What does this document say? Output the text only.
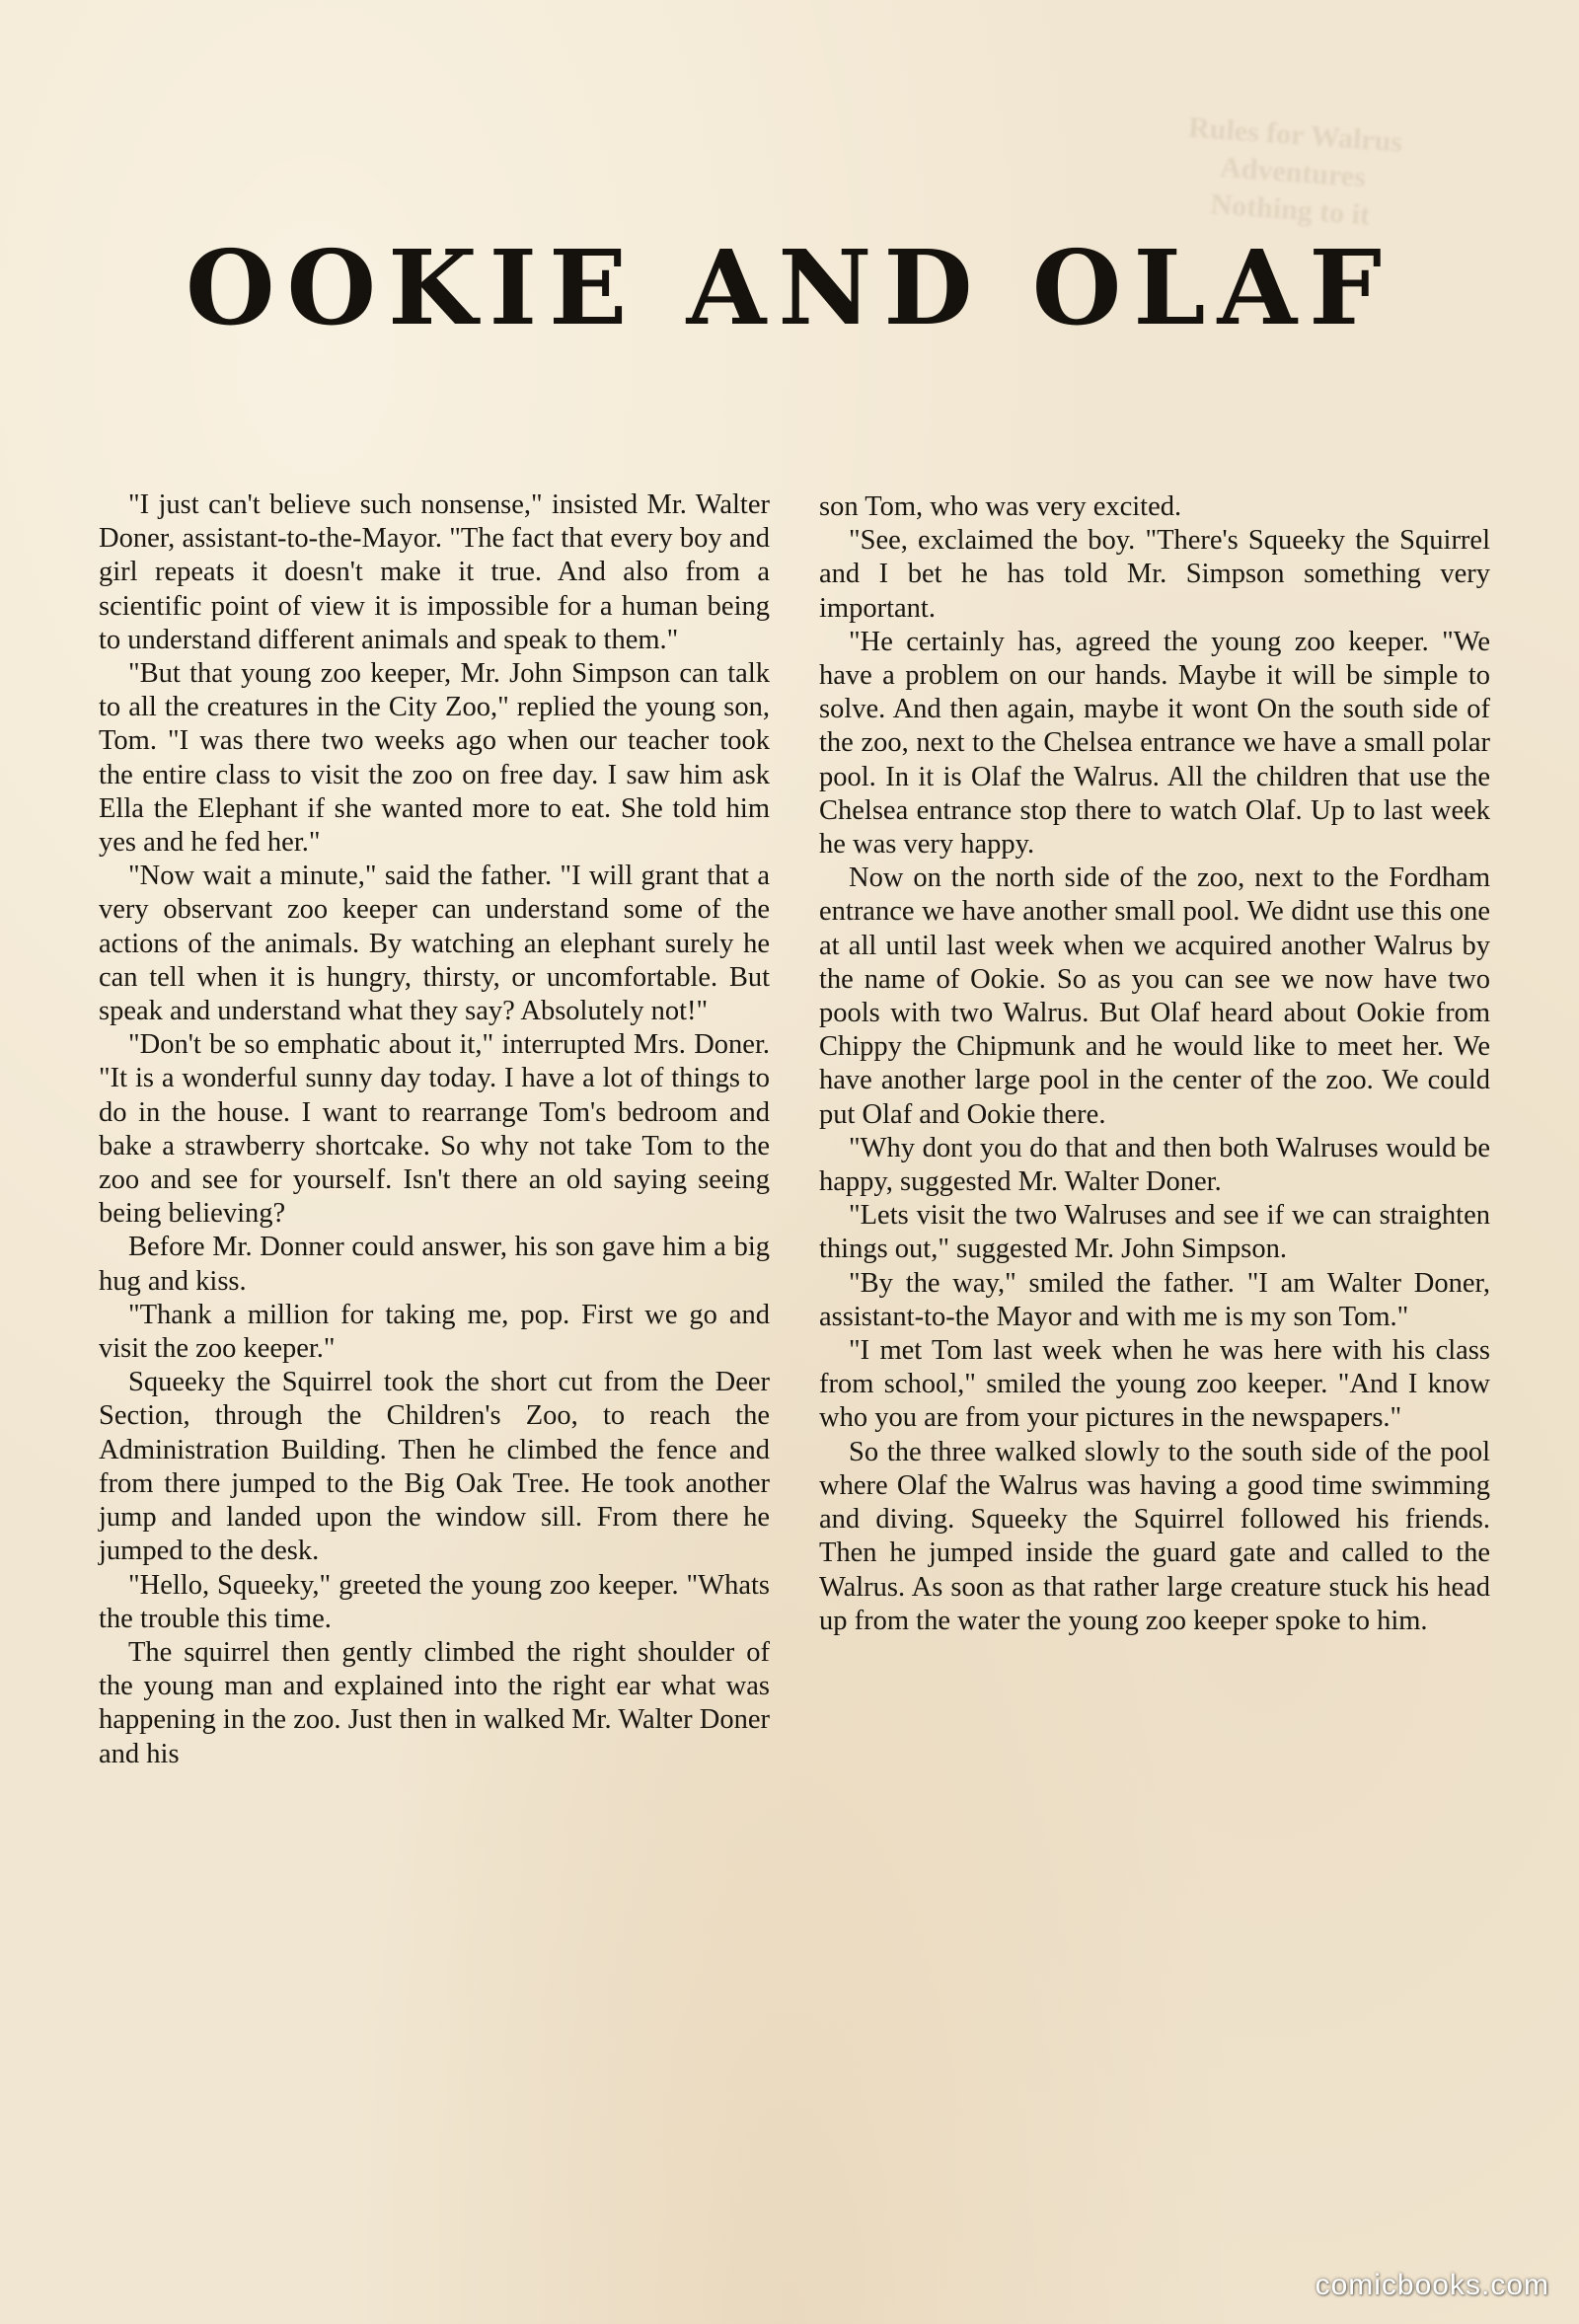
Rules for Walrus Adventures
Nothing to it
OOKIE AND OLAF

"I just can't believe such nonsense," insisted Mr. Walter Doner, assistant-to-the-Mayor. "The fact that every boy and girl repeats it doesn't make it true. And also from a scientific point of view it is impossible for a human being to understand different animals and speak to them."

"But that young zoo keeper, Mr. John Simpson can talk to all the creatures in the City Zoo," replied the young son, Tom. "I was there two weeks ago when our teacher took the entire class to visit the zoo on free day. I saw him ask Ella the Elephant if she wanted more to eat. She told him yes and he fed her."

"Now wait a minute," said the father. "I will grant that a very observant zoo keeper can understand some of the actions of the animals. By watching an elephant surely he can tell when it is hungry, thirsty, or uncomfortable. But speak and understand what they say? Absolutely not!"

"Don't be so emphatic about it," interrupted Mrs. Doner. "It is a wonderful sunny day today. I have a lot of things to do in the house. I want to rearrange Tom's bedroom and bake a strawberry shortcake. So why not take Tom to the zoo and see for yourself. Isn't there an old saying seeing being believing?

Before Mr. Donner could answer, his son gave him a big hug and kiss.

"Thank a million for taking me, pop. First we go and visit the zoo keeper."

Squeeky the Squirrel took the short cut from the Deer Section, through the Children's Zoo, to reach the Administration Building. Then he climbed the fence and from there jumped to the Big Oak Tree. He took another jump and landed upon the window sill. From there he jumped to the desk.

"Hello, Squeeky," greeted the young zoo keeper. "Whats the trouble this time.

The squirrel then gently climbed the right shoulder of the young man and explained into the right ear what was happening in the zoo. Just then in walked Mr. Walter Doner and his

son Tom, who was very excited.

"See, exclaimed the boy. "There's Squeeky the Squirrel and I bet he has told Mr. Simpson something very important.

"He certainly has, agreed the young zoo keeper. "We have a problem on our hands. Maybe it will be simple to solve. And then again, maybe it wont On the south side of the zoo, next to the Chelsea entrance we have a small polar pool. In it is Olaf the Walrus. All the children that use the Chelsea entrance stop there to watch Olaf. Up to last week he was very happy.

Now on the north side of the zoo, next to the Fordham entrance we have another small pool. We didnt use this one at all until last week when we acquired another Walrus by the name of Ookie. So as you can see we now have two pools with two Walrus. But Olaf heard about Ookie from Chippy the Chipmunk and he would like to meet her. We have another large pool in the center of the zoo. We could put Olaf and Ookie there.

"Why dont you do that and then both Walruses would be happy, suggested Mr. Walter Doner.

"Lets visit the two Walruses and see if we can straighten things out," suggested Mr. John Simpson.

"By the way," smiled the father. "I am Walter Doner, assistant-to-the Mayor and with me is my son Tom."

"I met Tom last week when he was here with his class from school," smiled the young zoo keeper. "And I know who you are from your pictures in the newspapers."

So the three walked slowly to the south side of the pool where Olaf the Walrus was having a good time swimming and diving. Squeeky the Squirrel followed his friends. Then he jumped inside the guard gate and called to the Walrus. As soon as that rather large creature stuck his head up from the water the young zoo keeper spoke to him.

comicbooks.com
